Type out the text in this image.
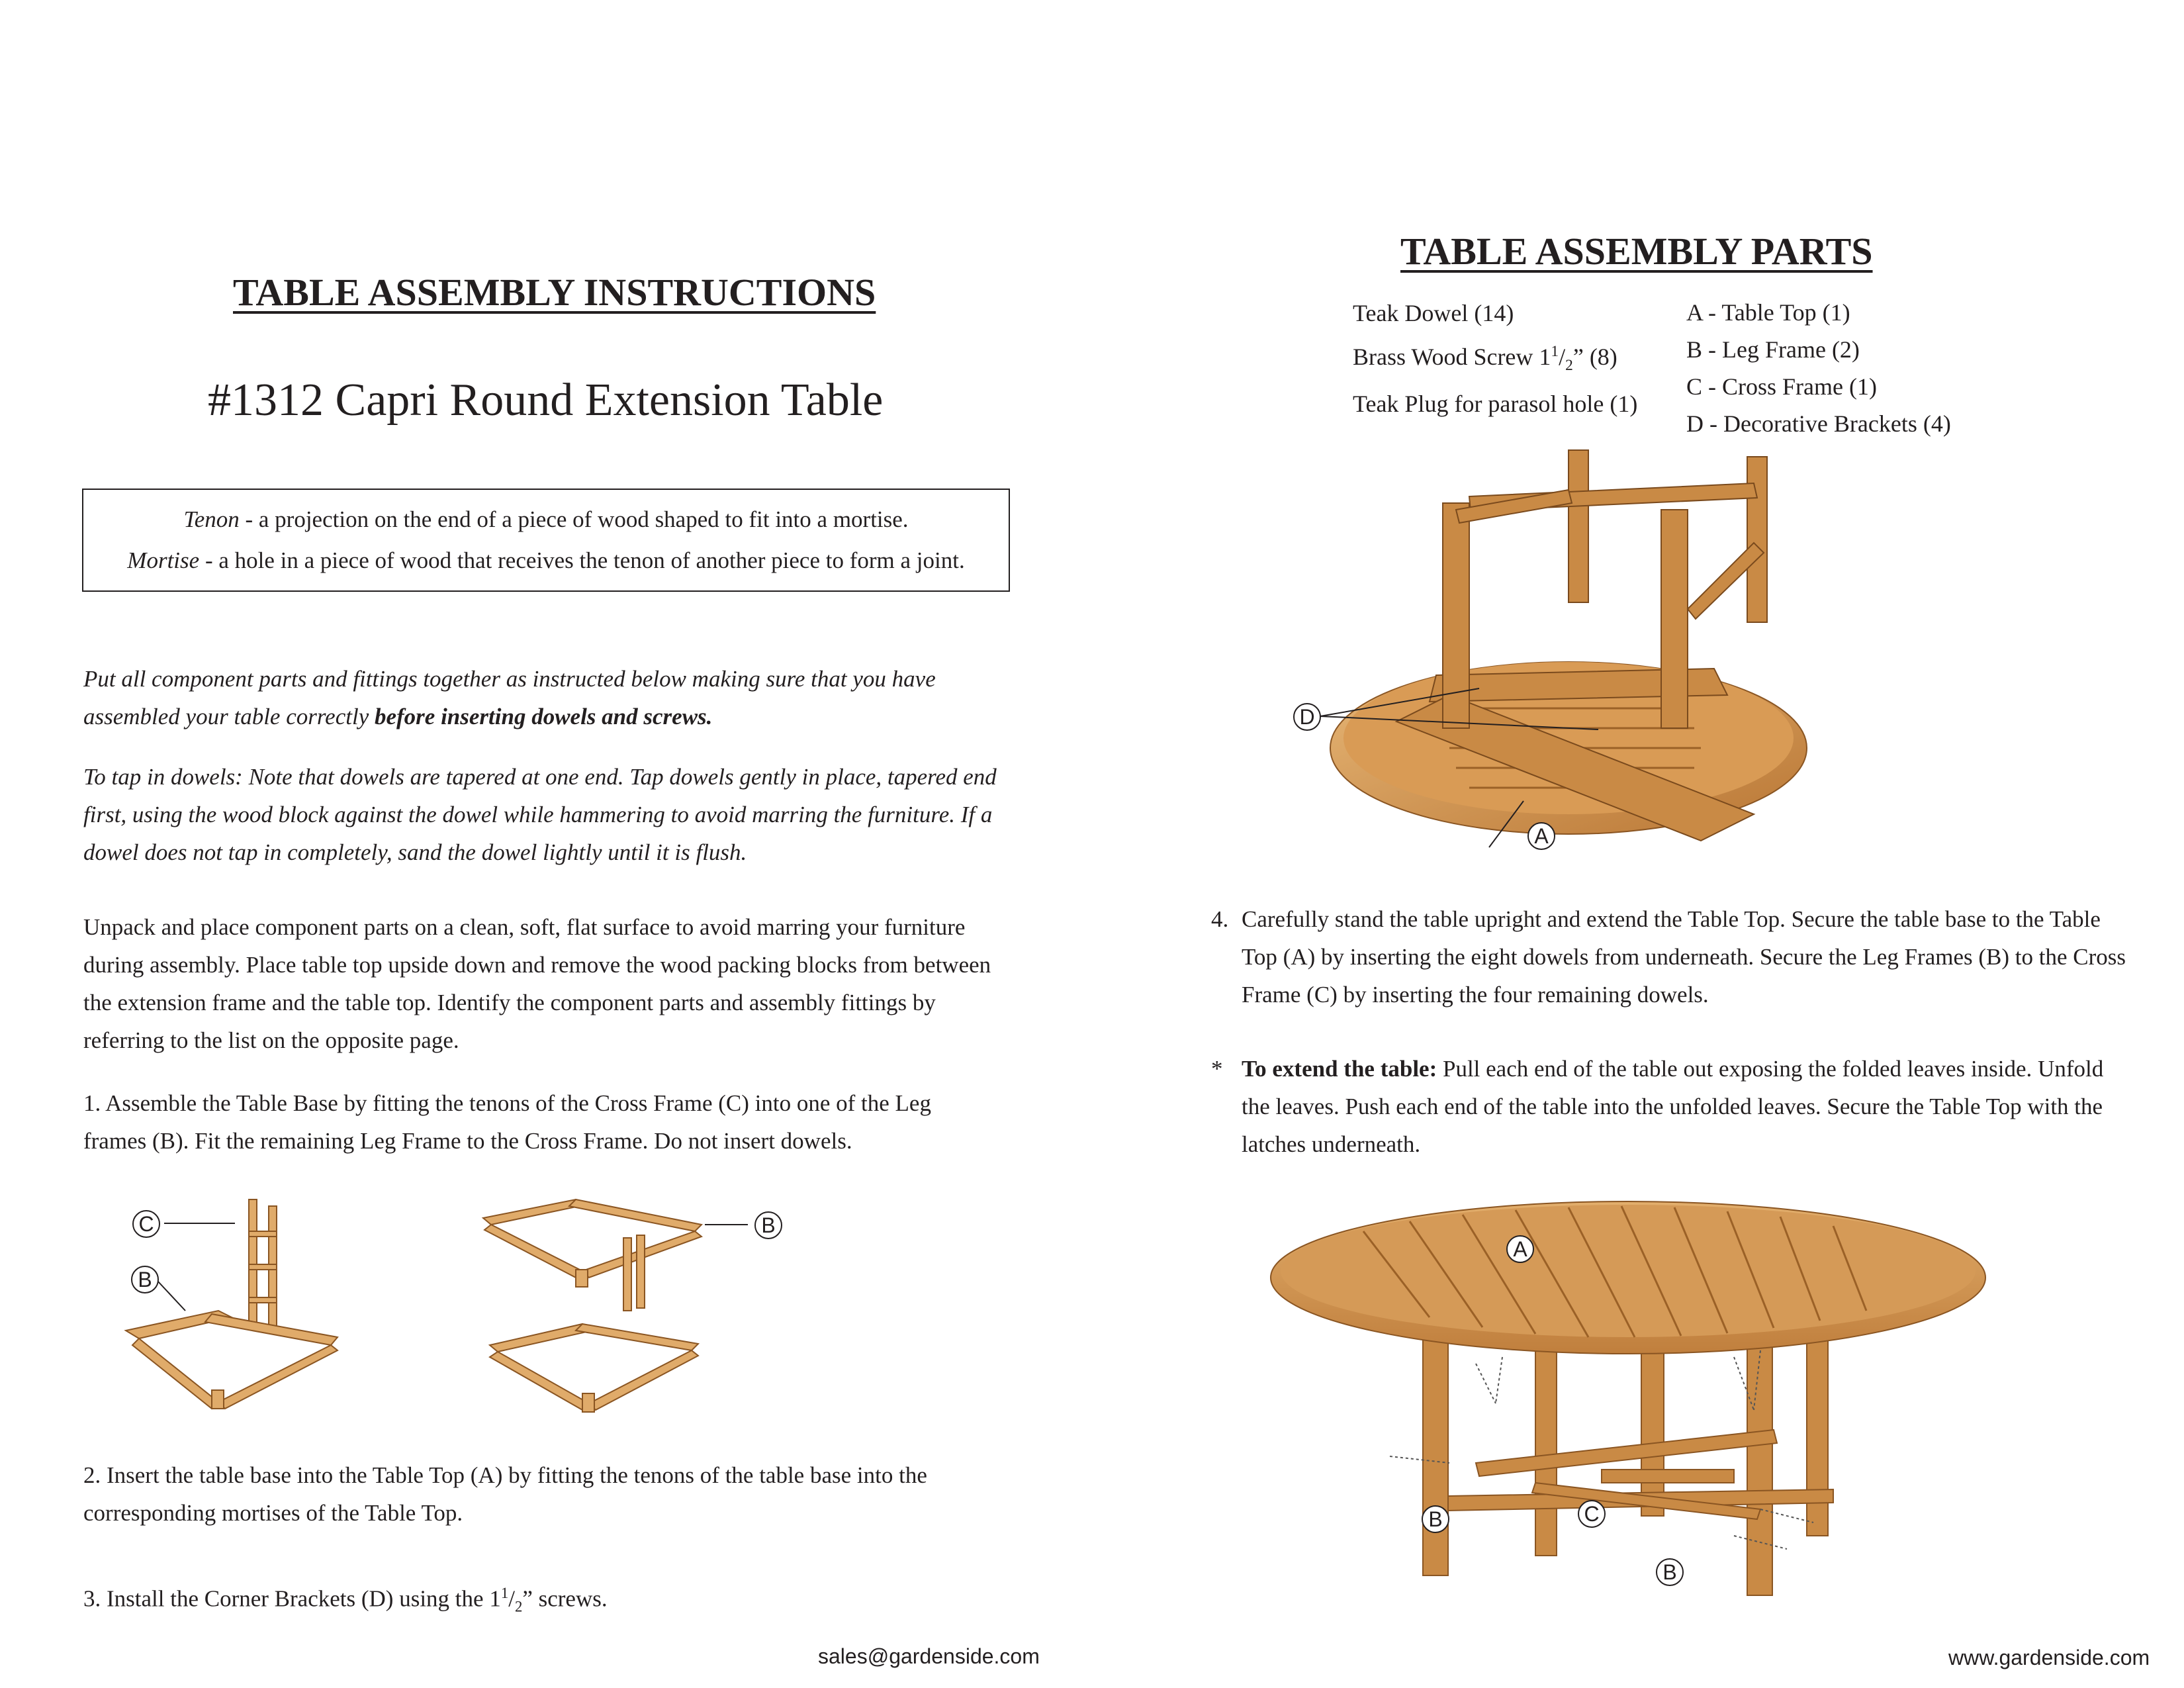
TABLE ASSEMBLY INSTRUCTIONS
#1312 Capri Round Extension Table
Tenon - a projection on the end of a piece of wood shaped to fit into a mortise.
Mortise - a hole in a piece of wood that receives the tenon of another piece to form a joint.
Put all component parts and fittings together as instructed below making sure that you have assembled your table correctly before inserting dowels and screws.
To tap in dowels: Note that dowels are tapered at one end. Tap dowels gently in place, tapered end first, using the wood block against the dowel while hammering to avoid marring the furniture. If a dowel does not tap in completely, sand the dowel lightly until it is flush.
Unpack and place component parts on a clean, soft, flat surface to avoid marring your furniture during assembly. Place table top upside down and remove the wood packing blocks from between the extension frame and the table top. Identify the component parts and assembly fittings by referring to the list on the opposite page.
1. Assemble the Table Base by fitting the tenons of the Cross Frame (C) into one of the Leg frames (B). Fit the remaining Leg Frame to the Cross Frame. Do not insert dowels.
C
B
B
2. Insert the table base into the Table Top (A) by fitting the tenons of the table base into the corresponding mortises of the Table Top.
3. Install the Corner Brackets (D) using the $1^1/_2$” screws.
sales@gardenside.com
TABLE ASSEMBLY PARTS
Teak Dowel (14)
Brass Wood Screw $1^1/_2$” (8)
Teak Plug for parasol hole (1)
A - Table Top (1)
B - Leg Frame (2)
C - Cross Frame (1)
D - Decorative Brackets (4)
D
A
4. Carefully stand the table upright and extend the Table Top. Secure the table base to the Table Top (A) by inserting the eight dowels from underneath. Secure the Leg Frames (B) to the Cross Frame (C) by inserting the four remaining dowels.
* To extend the table: Pull each end of the table out exposing the folded leaves inside. Unfold the leaves. Push each end of the table into the unfolded leaves. Secure the Table Top with the latches underneath.
A
B	C
B
www.gardenside.com
